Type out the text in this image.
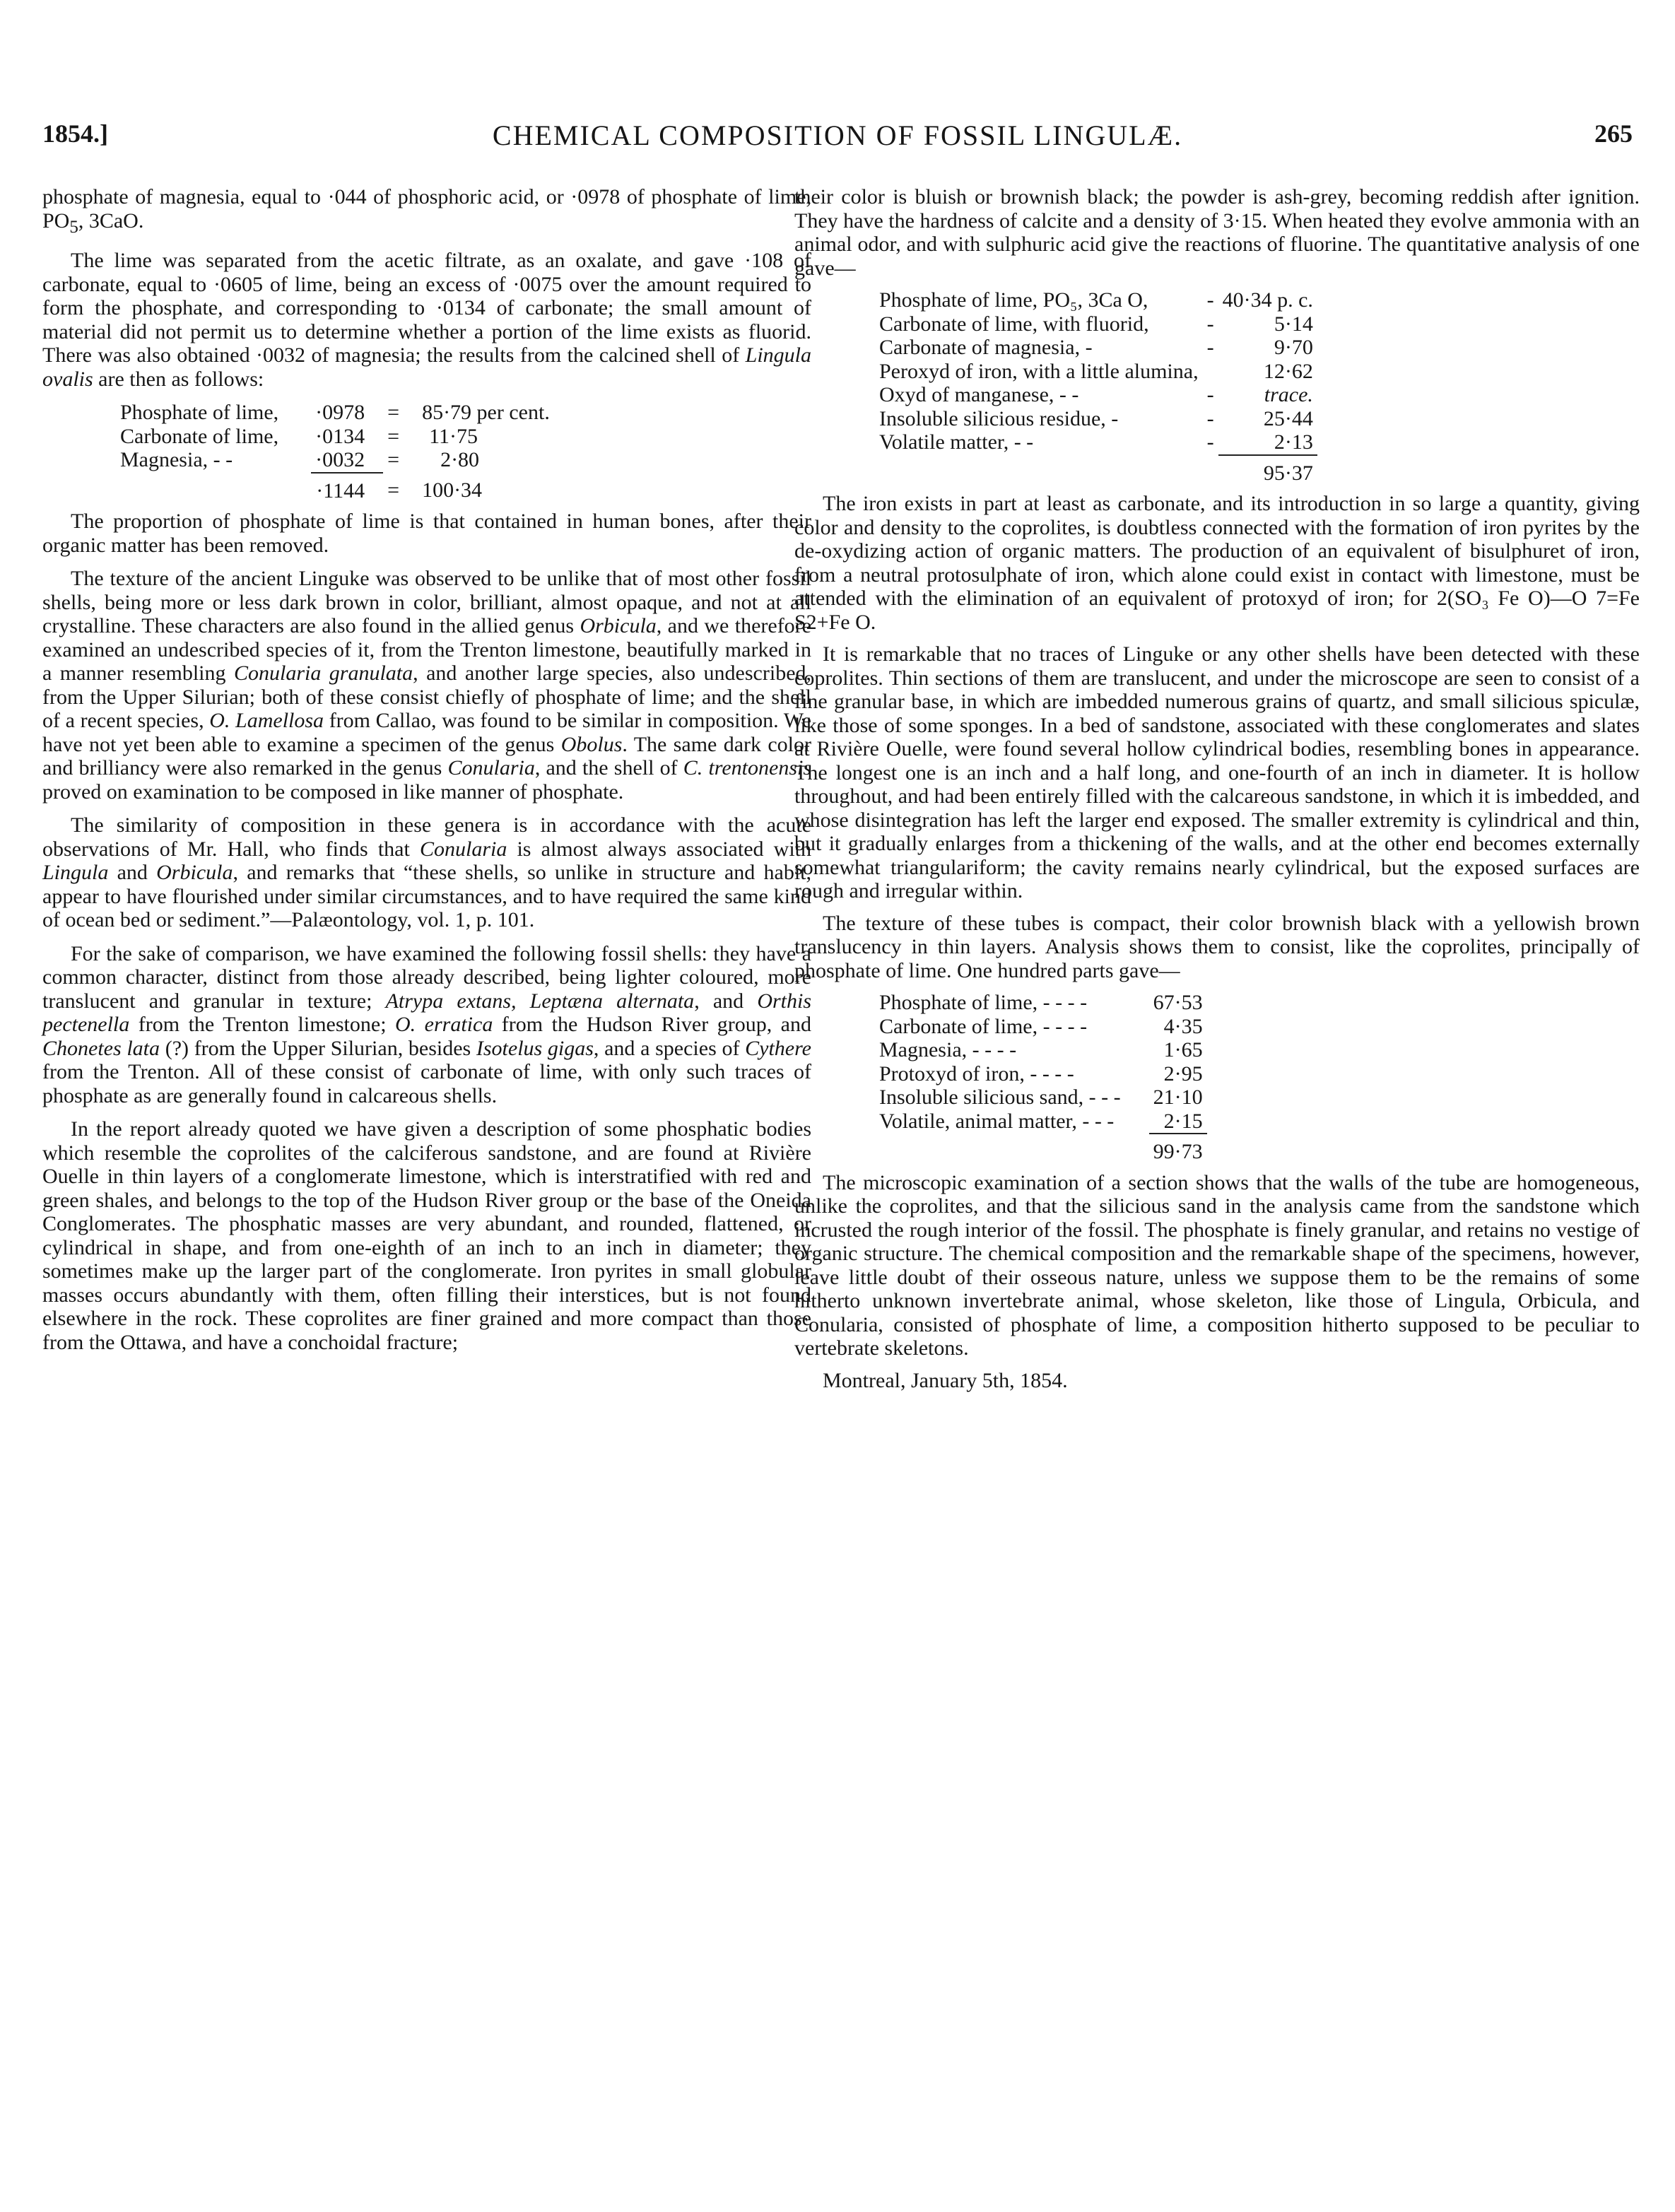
1854.]	CHEMICAL COMPOSITION OF FOSSIL LINGULÆ.	265

phosphate of magnesia, equal to ·044 of phosphoric acid, or ·0978 of phosphate of lime, $PO_5$, 3CaO.

The lime was separated from the acetic filtrate, as an oxalate, and gave ·108 of carbonate, equal to ·0605 of lime, being an excess of ·0075 over the amount required to form the phosphate, and corresponding to ·0134 of carbonate; the small amount of material did not permit us to determine whether a portion of the lime exists as fluorid. There was also obtained ·0032 of magnesia; the results from the calcined shell of Lingula ovalis are then as follows:

Phosphate of lime,	·0978	=	85·79 per cent.
Carbonate of lime,	·0134	=	11·75
Magnesia, - -	·0032	=	2·80
	·1144	=	100·34

The proportion of phosphate of lime is that contained in human bones, after their organic matter has been removed.

The texture of the ancient Linguke was observed to be unlike that of most other fossil shells, being more or less dark brown in color, brilliant, almost opaque, and not at all crystalline. These characters are also found in the allied genus Orbicula, and we therefore examined an undescribed species of it, from the Trenton limestone, beautifully marked in a manner resembling Conularia granulata, and another large species, also undescribed, from the Upper Silurian; both of these consist chiefly of phosphate of lime; and the shell of a recent species, O. Lamellosa from Callao, was found to be similar in composition. We have not yet been able to examine a specimen of the genus Obolus. The same dark color and brilliancy were also remarked in the genus Conularia, and the shell of C. trentonensis proved on examination to be composed in like manner of phosphate.

The similarity of composition in these genera is in accordance with the acute observations of Mr. Hall, who finds that Conularia is almost always associated with Lingula and Orbicula, and remarks that “these shells, so unlike in structure and habit, appear to have flourished under similar circumstances, and to have required the same kind of ocean bed or sediment.”—Palæontology, vol. 1, p. 101.

For the sake of comparison, we have examined the following fossil shells: they have a common character, distinct from those already described, being lighter coloured, more translucent and granular in texture; Atrypa extans, Leptæna alternata, and Orthis pectenella from the Trenton limestone; O. erratica from the Hudson River group, and Chonetes lata (?) from the Upper Silurian, besides Isotelus gigas, and a species of Cythere from the Trenton. All of these consist of carbonate of lime, with only such traces of phosphate as are generally found in calcareous shells.

In the report already quoted we have given a description of some phosphatic bodies which resemble the coprolites of the calciferous sandstone, and are found at Rivière Ouelle in thin layers of a conglomerate limestone, which is interstratified with red and green shales, and belongs to the top of the Hudson River group or the base of the Oneida Conglomerates. The phosphatic masses are very abundant, and rounded, flattened, or cylindrical in shape, and from one-eighth of an inch to an inch in diameter; they sometimes make up the larger part of the conglomerate. Iron pyrites in small globular masses occurs abundantly with them, often filling their interstices, but is not found elsewhere in the rock. These coprolites are finer grained and more compact than those from the Ottawa, and have a conchoidal fracture;

their color is bluish or brownish black; the powder is ash-grey, becoming reddish after ignition. They have the hardness of calcite and a density of 3·15. When heated they evolve ammonia with an animal odor, and with sulphuric acid give the reactions of fluorine. The quantitative analysis of one gave—

Phosphate of lime, PO₅, 3Ca O,	-	40·34 p. c.
Carbonate of lime, with fluorid,	-	5·14
Carbonate of magnesia, -	-	9·70
Peroxyd of iron, with a little alumina,		12·62
Oxyd of manganese, - -	-	trace.
Insoluble silicious residue, -	-	25·44
Volatile matter, - -	-	2·13
		95·37

The iron exists in part at least as carbonate, and its introduction in so large a quantity, giving color and density to the coprolites, is doubtless connected with the formation of iron pyrites by the de-oxydizing action of organic matters. The production of an equivalent of bisulphuret of iron, from a neutral protosulphate of iron, which alone could exist in contact with limestone, must be attended with the elimination of an equivalent of protoxyd of iron; for 2(SO₃ Fe O)—O 7=Fe S2+Fe O.

It is remarkable that no traces of Linguke or any other shells have been detected with these coprolites. Thin sections of them are translucent, and under the microscope are seen to consist of a fine granular base, in which are imbedded numerous grains of quartz, and small silicious spiculæ, like those of some sponges. In a bed of sandstone, associated with these conglomerates and slates at Rivière Ouelle, were found several hollow cylindrical bodies, resembling bones in appearance. The longest one is an inch and a half long, and one-fourth of an inch in diameter. It is hollow throughout, and had been entirely filled with the calcareous sandstone, in which it is imbedded, and whose disintegration has left the larger end exposed. The smaller extremity is cylindrical and thin, but it gradually enlarges from a thickening of the walls, and at the other end becomes externally somewhat triangulariform; the cavity remains nearly cylindrical, but the exposed surfaces are rough and irregular within.

The texture of these tubes is compact, their color brownish black with a yellowish brown translucency in thin layers. Analysis shows them to consist, like the coprolites, principally of phosphate of lime. One hundred parts gave—

Phosphate of lime, - - - -	67·53
Carbonate of lime, - - - -	4·35
Magnesia, - - - -	1·65
Protoxyd of iron, - - - -	2·95
Insoluble silicious sand, - - -	21·10
Volatile, animal matter, - - -	2·15
	99·73

The microscopic examination of a section shows that the walls of the tube are homogeneous, unlike the coprolites, and that the silicious sand in the analysis came from the sandstone which incrusted the rough interior of the fossil. The phosphate is finely granular, and retains no vestige of organic structure. The chemical composition and the remarkable shape of the specimens, however, leave little doubt of their osseous nature, unless we suppose them to be the remains of some hitherto unknown invertebrate animal, whose skeleton, like those of Lingula, Orbicula, and Conularia, consisted of phosphate of lime, a composition hitherto supposed to be peculiar to vertebrate skeletons.

Montreal, January 5th, 1854.
